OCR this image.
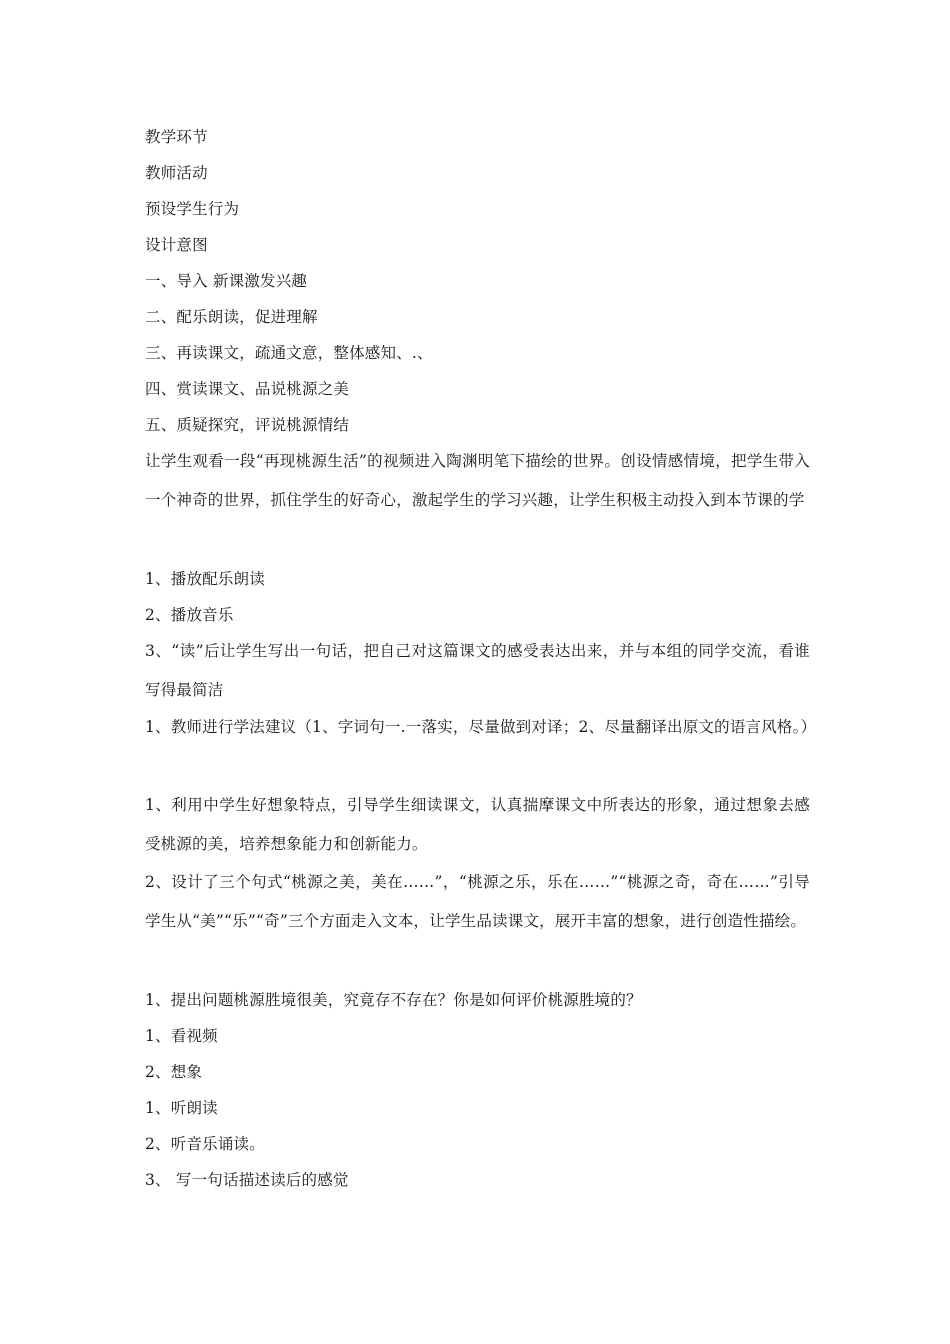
教学环节
教师活动
预设学生行为
设计意图
一、导入 新课激发兴趣
二、配乐朗读，促进理解
三、再读课文，疏通文意，整体感知、.、
四、赏读课文、品说桃源之美
五、质疑探究，评说桃源情结

让学生观看一段“再现桃源生活”的视频进入陶渊明笔下描绘的世界。创设情感情境，把学生带入一个神奇的世界，抓住学生的好奇心，激起学生的学习兴趣，让学生积极主动投入到本节课的学

1、播放配乐朗读
2、播放音乐

3、“读”后让学生写出一句话，把自己对这篇课文的感受表达出来，并与本组的同学交流，看谁写得最简洁

1、教师进行学法建议（1、字词句一.一落实，尽量做到对译；2、尽量翻译出原文的语言风格。）

1、利用中学生好想象特点，引导学生细读课文，认真揣摩课文中所表达的形象，通过想象去感受桃源的美，培养想象能力和创新能力。

2、设计了三个句式“桃源之美，美在……”，“桃源之乐，乐在……”“桃源之奇，奇在……”引导学生从“美”“乐”“奇”三个方面走入文本，让学生品读课文，展开丰富的想象，进行创造性描绘。

1、提出问题桃源胜境很美，究竟存不存在？你是如何评价桃源胜境的？
1、看视频
2、想象
1、听朗读
2、听音乐诵读。
3、 写一句话描述读后的感觉
